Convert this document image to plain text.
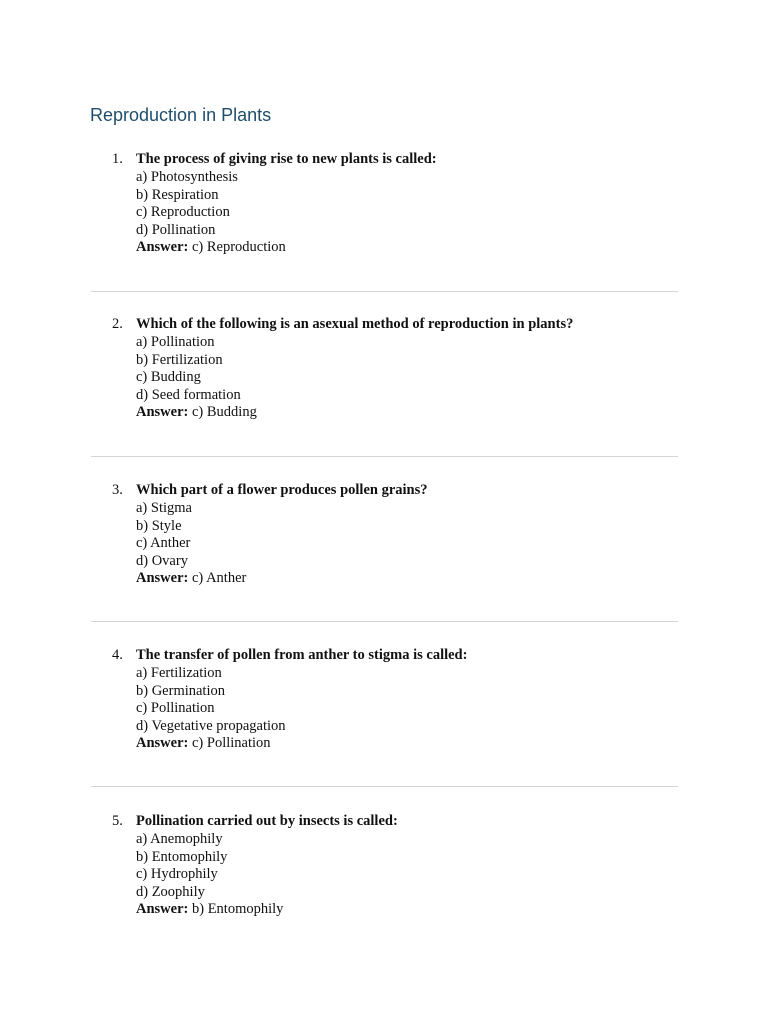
Reproduction in Plants
1. The process of giving rise to new plants is called:
a) Photosynthesis
b) Respiration
c) Reproduction
d) Pollination
Answer: c) Reproduction
2. Which of the following is an asexual method of reproduction in plants?
a) Pollination
b) Fertilization
c) Budding
d) Seed formation
Answer: c) Budding
3. Which part of a flower produces pollen grains?
a) Stigma
b) Style
c) Anther
d) Ovary
Answer: c) Anther
4. The transfer of pollen from anther to stigma is called:
a) Fertilization
b) Germination
c) Pollination
d) Vegetative propagation
Answer: c) Pollination
5. Pollination carried out by insects is called:
a) Anemophily
b) Entomophily
c) Hydrophily
d) Zoophily
Answer: b) Entomophily
